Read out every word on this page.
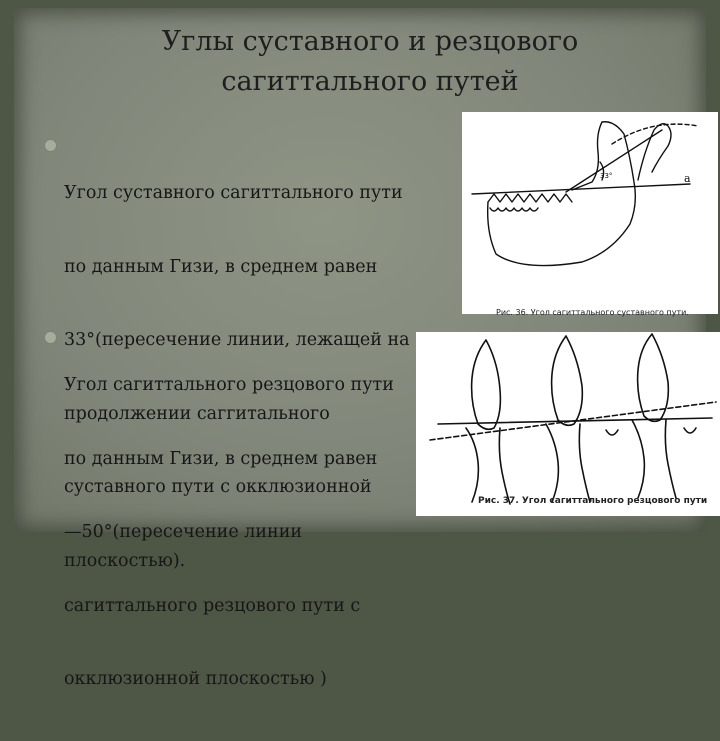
Углы суставного и резцового
сагиттального путей

Угол суставного сагиттального пути

по данным Гизи, в среднем равен

33°(пересечение линии, лежащей на

продолжении саггитального

суставного пути с окклюзионной

плоскостью).

Угол сагиттального резцового пути

по данным Гизи, в среднем равен

—50°(пересечение линии

сагиттального резцового пути с

окклюзионной плоскостью )

33°	а

Рис. 36. Угол сагиттального суставного пути.

Рис. 37. Угол сагиттального резцового пути
